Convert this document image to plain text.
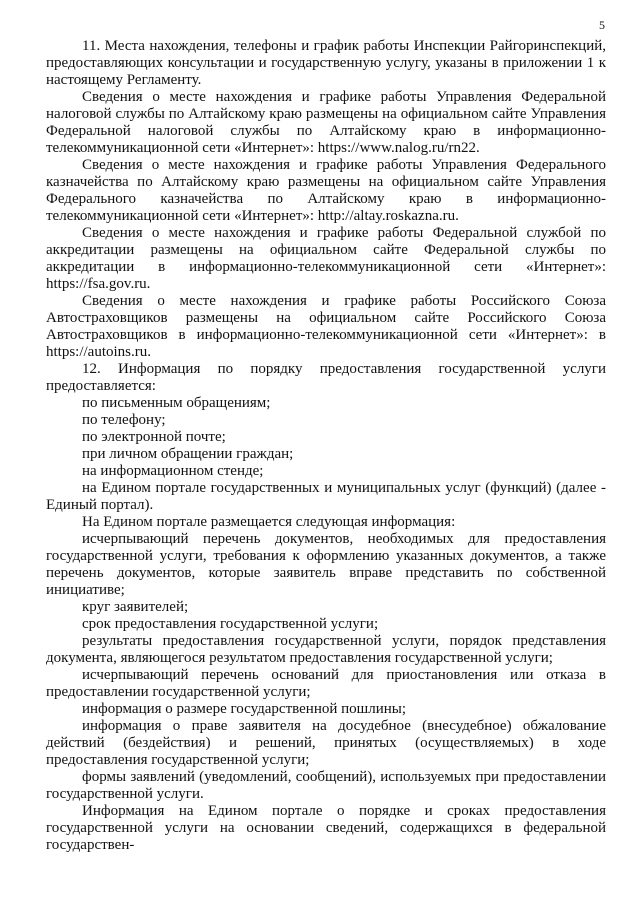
5

11. Места нахождения, телефоны и график работы Инспекции Райгоринспекций, предоставляющих консультации и государственную услугу, указаны в приложении 1 к настоящему Регламенту.

Сведения о месте нахождения и графике работы Управления Федеральной налоговой службы по Алтайскому краю размещены на официальном сайте Управления Федеральной налоговой службы по Алтайскому краю в информационно-телекоммуникационной сети «Интернет»: https://www.nalog.ru/rn22.

Сведения о месте нахождения и графике работы Управления Федерального казначейства по Алтайскому краю размещены на официальном сайте Управления Федерального казначейства по Алтайскому краю в информационно-телекоммуникационной сети «Интернет»: http://altay.roskazna.ru.

Сведения о месте нахождения и графике работы Федеральной службой по аккредитации размещены на официальном сайте Федеральной службы по аккредитации в информационно-телекоммуникационной сети «Интернет»: https://fsa.gov.ru.

Сведения о месте нахождения и графике работы Российского Союза Автостраховщиков размещены на официальном сайте Российского Союза Автостраховщиков в информационно-телекоммуникационной сети «Интернет»: в https://autoins.ru.

12. Информация по порядку предоставления государственной услуги предоставляется:

по письменным обращениям;

по телефону;

по электронной почте;

при личном обращении граждан;

на информационном стенде;

на Едином портале государственных и муниципальных услуг (функций) (далее - Единый портал).

На Едином портале размещается следующая информация:

исчерпывающий перечень документов, необходимых для предоставления государственной услуги, требования к оформлению указанных документов, а также перечень документов, которые заявитель вправе представить по собственной инициативе;

круг заявителей;

срок предоставления государственной услуги;

результаты предоставления государственной услуги, порядок представления документа, являющегося результатом предоставления государственной услуги;

исчерпывающий перечень оснований для приостановления или отказа в предоставлении государственной услуги;

информация о размере государственной пошлины;

информация о праве заявителя на досудебное (внесудебное) обжалование действий (бездействия) и решений, принятых (осуществляемых) в ходе предоставления государственной услуги;

формы заявлений (уведомлений, сообщений), используемых при предоставлении государственной услуги.

Информация на Едином портале о порядке и сроках предоставления государственной услуги на основании сведений, содержащихся в федеральной государствен-
